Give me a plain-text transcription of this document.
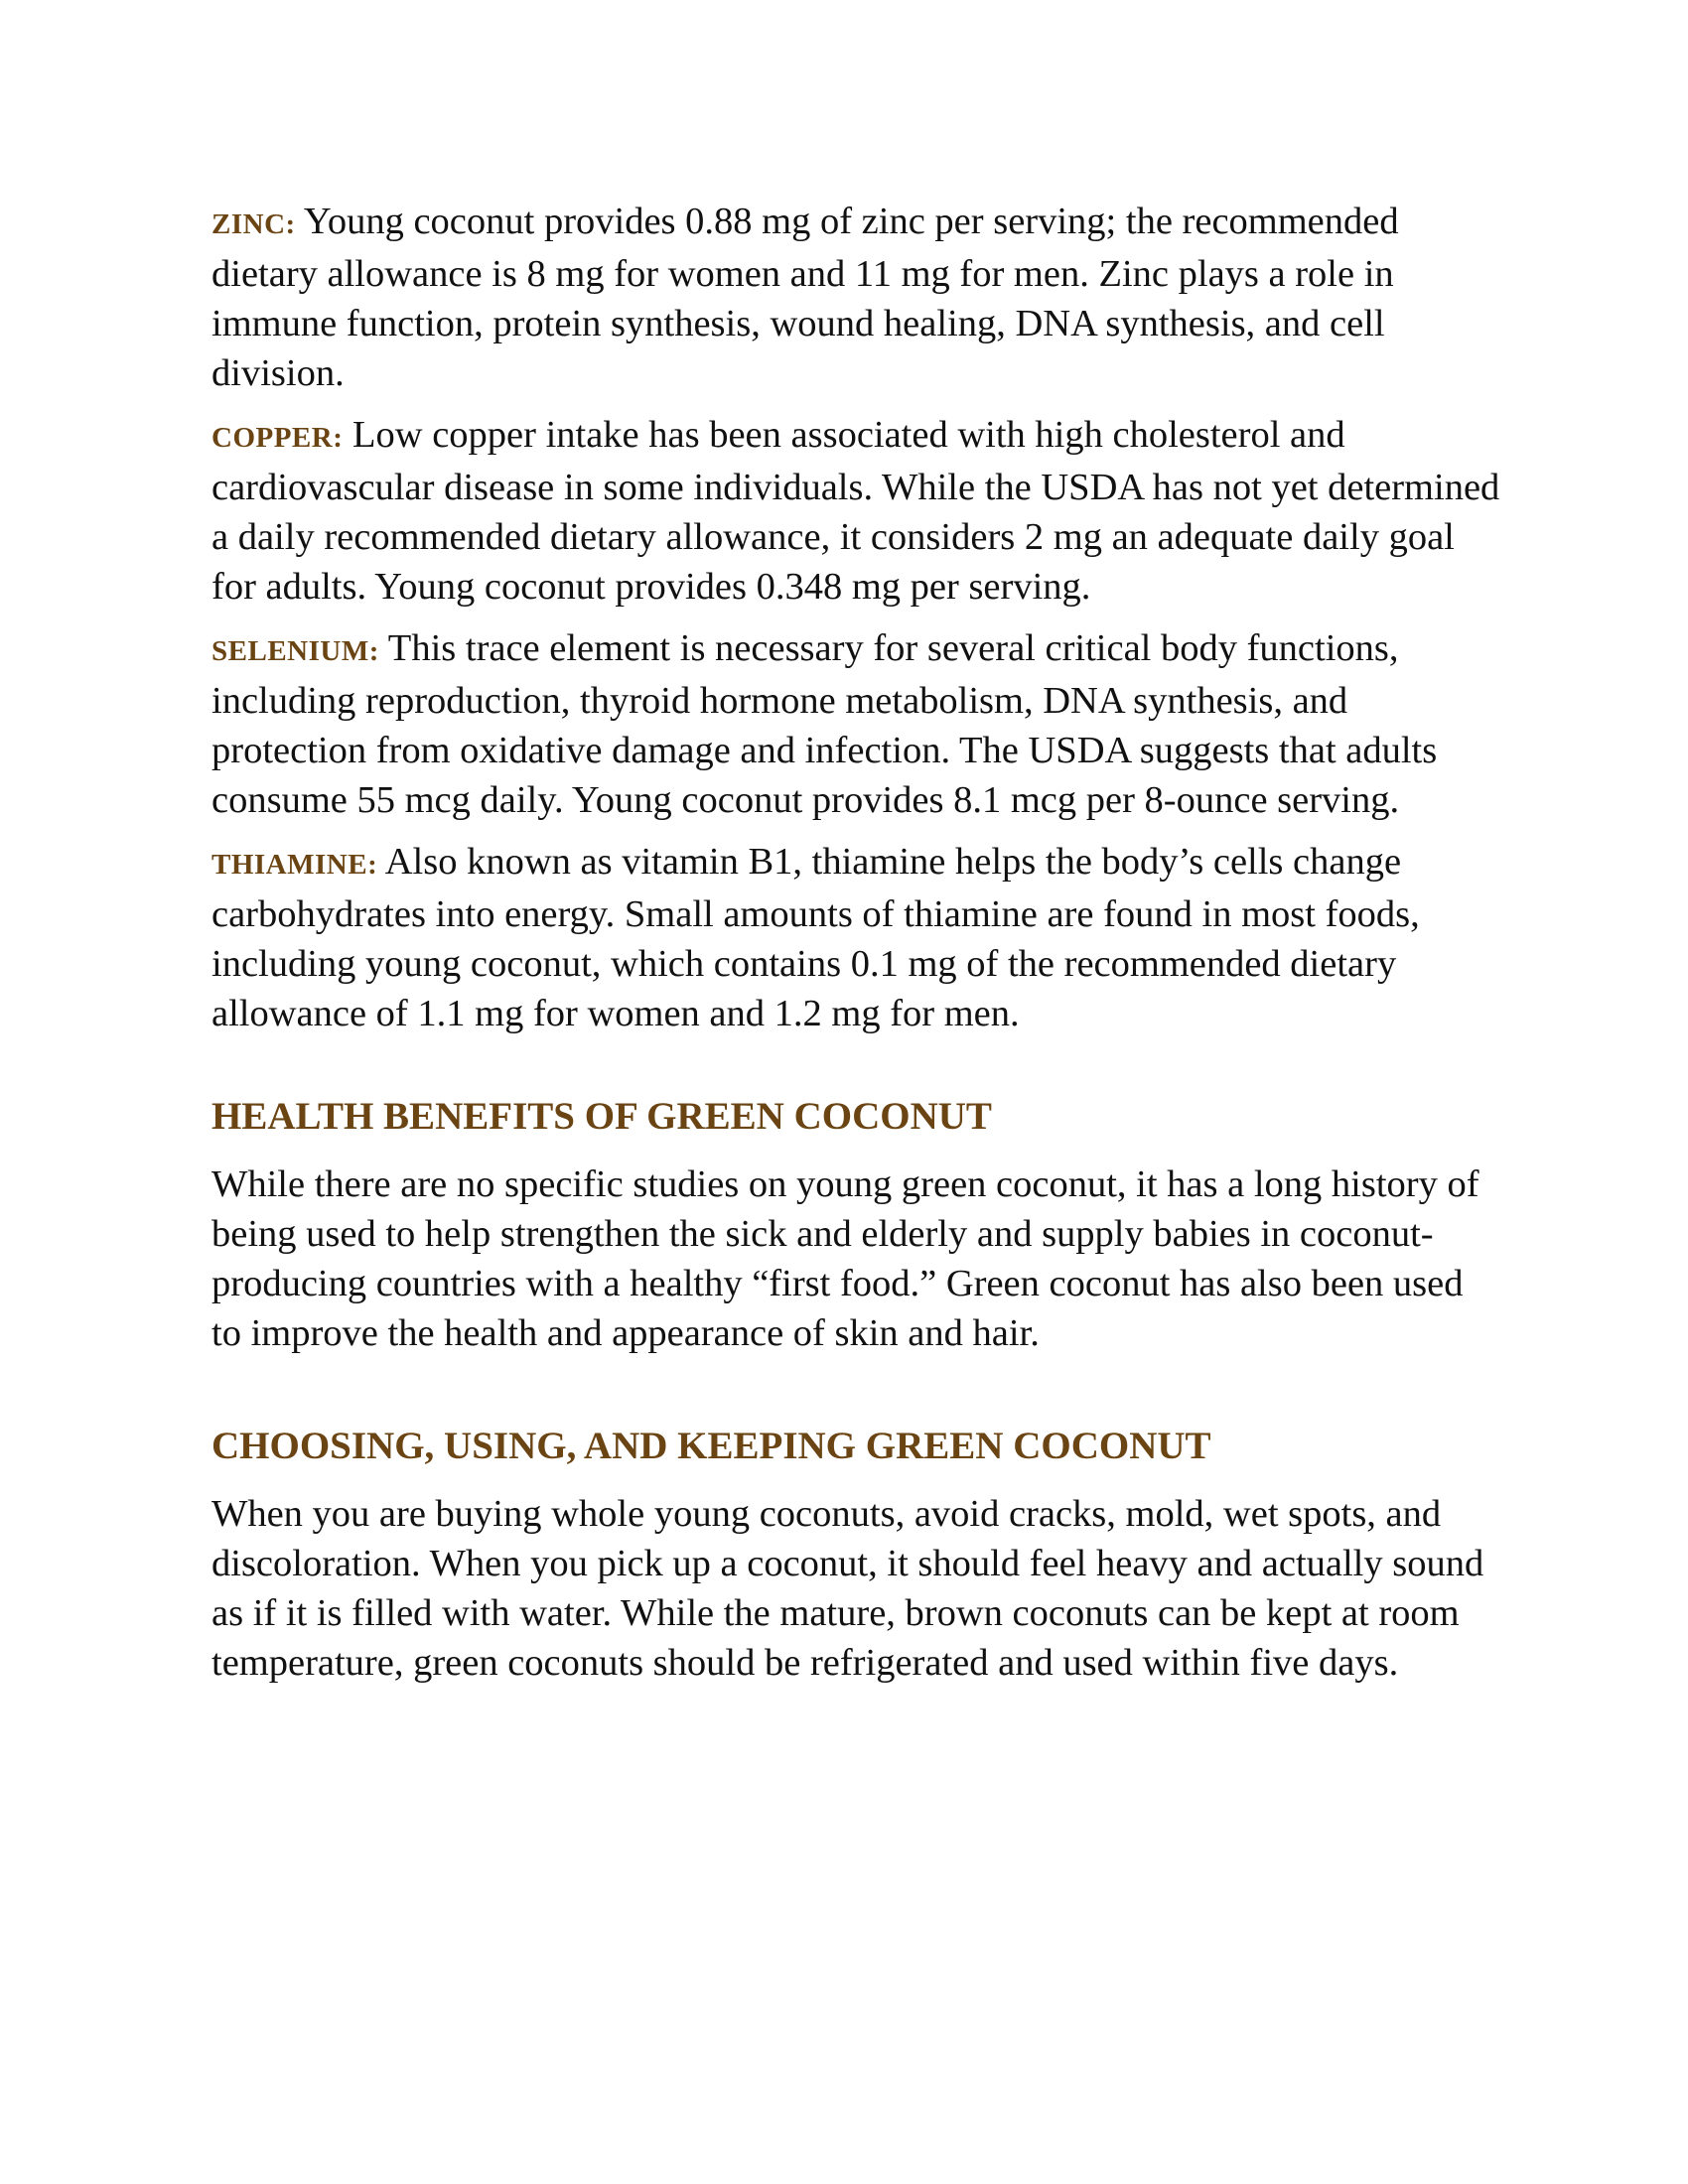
ZINC: Young coconut provides 0.88 mg of zinc per serving; the recommended dietary allowance is 8 mg for women and 11 mg for men. Zinc plays a role in immune function, protein synthesis, wound healing, DNA synthesis, and cell division.

COPPER: Low copper intake has been associated with high cholesterol and cardiovascular disease in some individuals. While the USDA has not yet determined a daily recommended dietary allowance, it considers 2 mg an adequate daily goal for adults. Young coconut provides 0.348 mg per serving.

SELENIUM: This trace element is necessary for several critical body functions, including reproduction, thyroid hormone metabolism, DNA synthesis, and protection from oxidative damage and infection. The USDA suggests that adults consume 55 mcg daily. Young coconut provides 8.1 mcg per 8-ounce serving.

THIAMINE: Also known as vitamin B1, thiamine helps the body’s cells change carbohydrates into energy. Small amounts of thiamine are found in most foods, including young coconut, which contains 0.1 mg of the recommended dietary allowance of 1.1 mg for women and 1.2 mg for men.

HEALTH BENEFITS OF GREEN COCONUT

While there are no specific studies on young green coconut, it has a long history of being used to help strengthen the sick and elderly and supply babies in coconut-producing countries with a healthy “first food.” Green coconut has also been used to improve the health and appearance of skin and hair.

CHOOSING, USING, AND KEEPING GREEN COCONUT

When you are buying whole young coconuts, avoid cracks, mold, wet spots, and discoloration. When you pick up a coconut, it should feel heavy and actually sound as if it is filled with water. While the mature, brown coconuts can be kept at room temperature, green coconuts should be refrigerated and used within five days.
